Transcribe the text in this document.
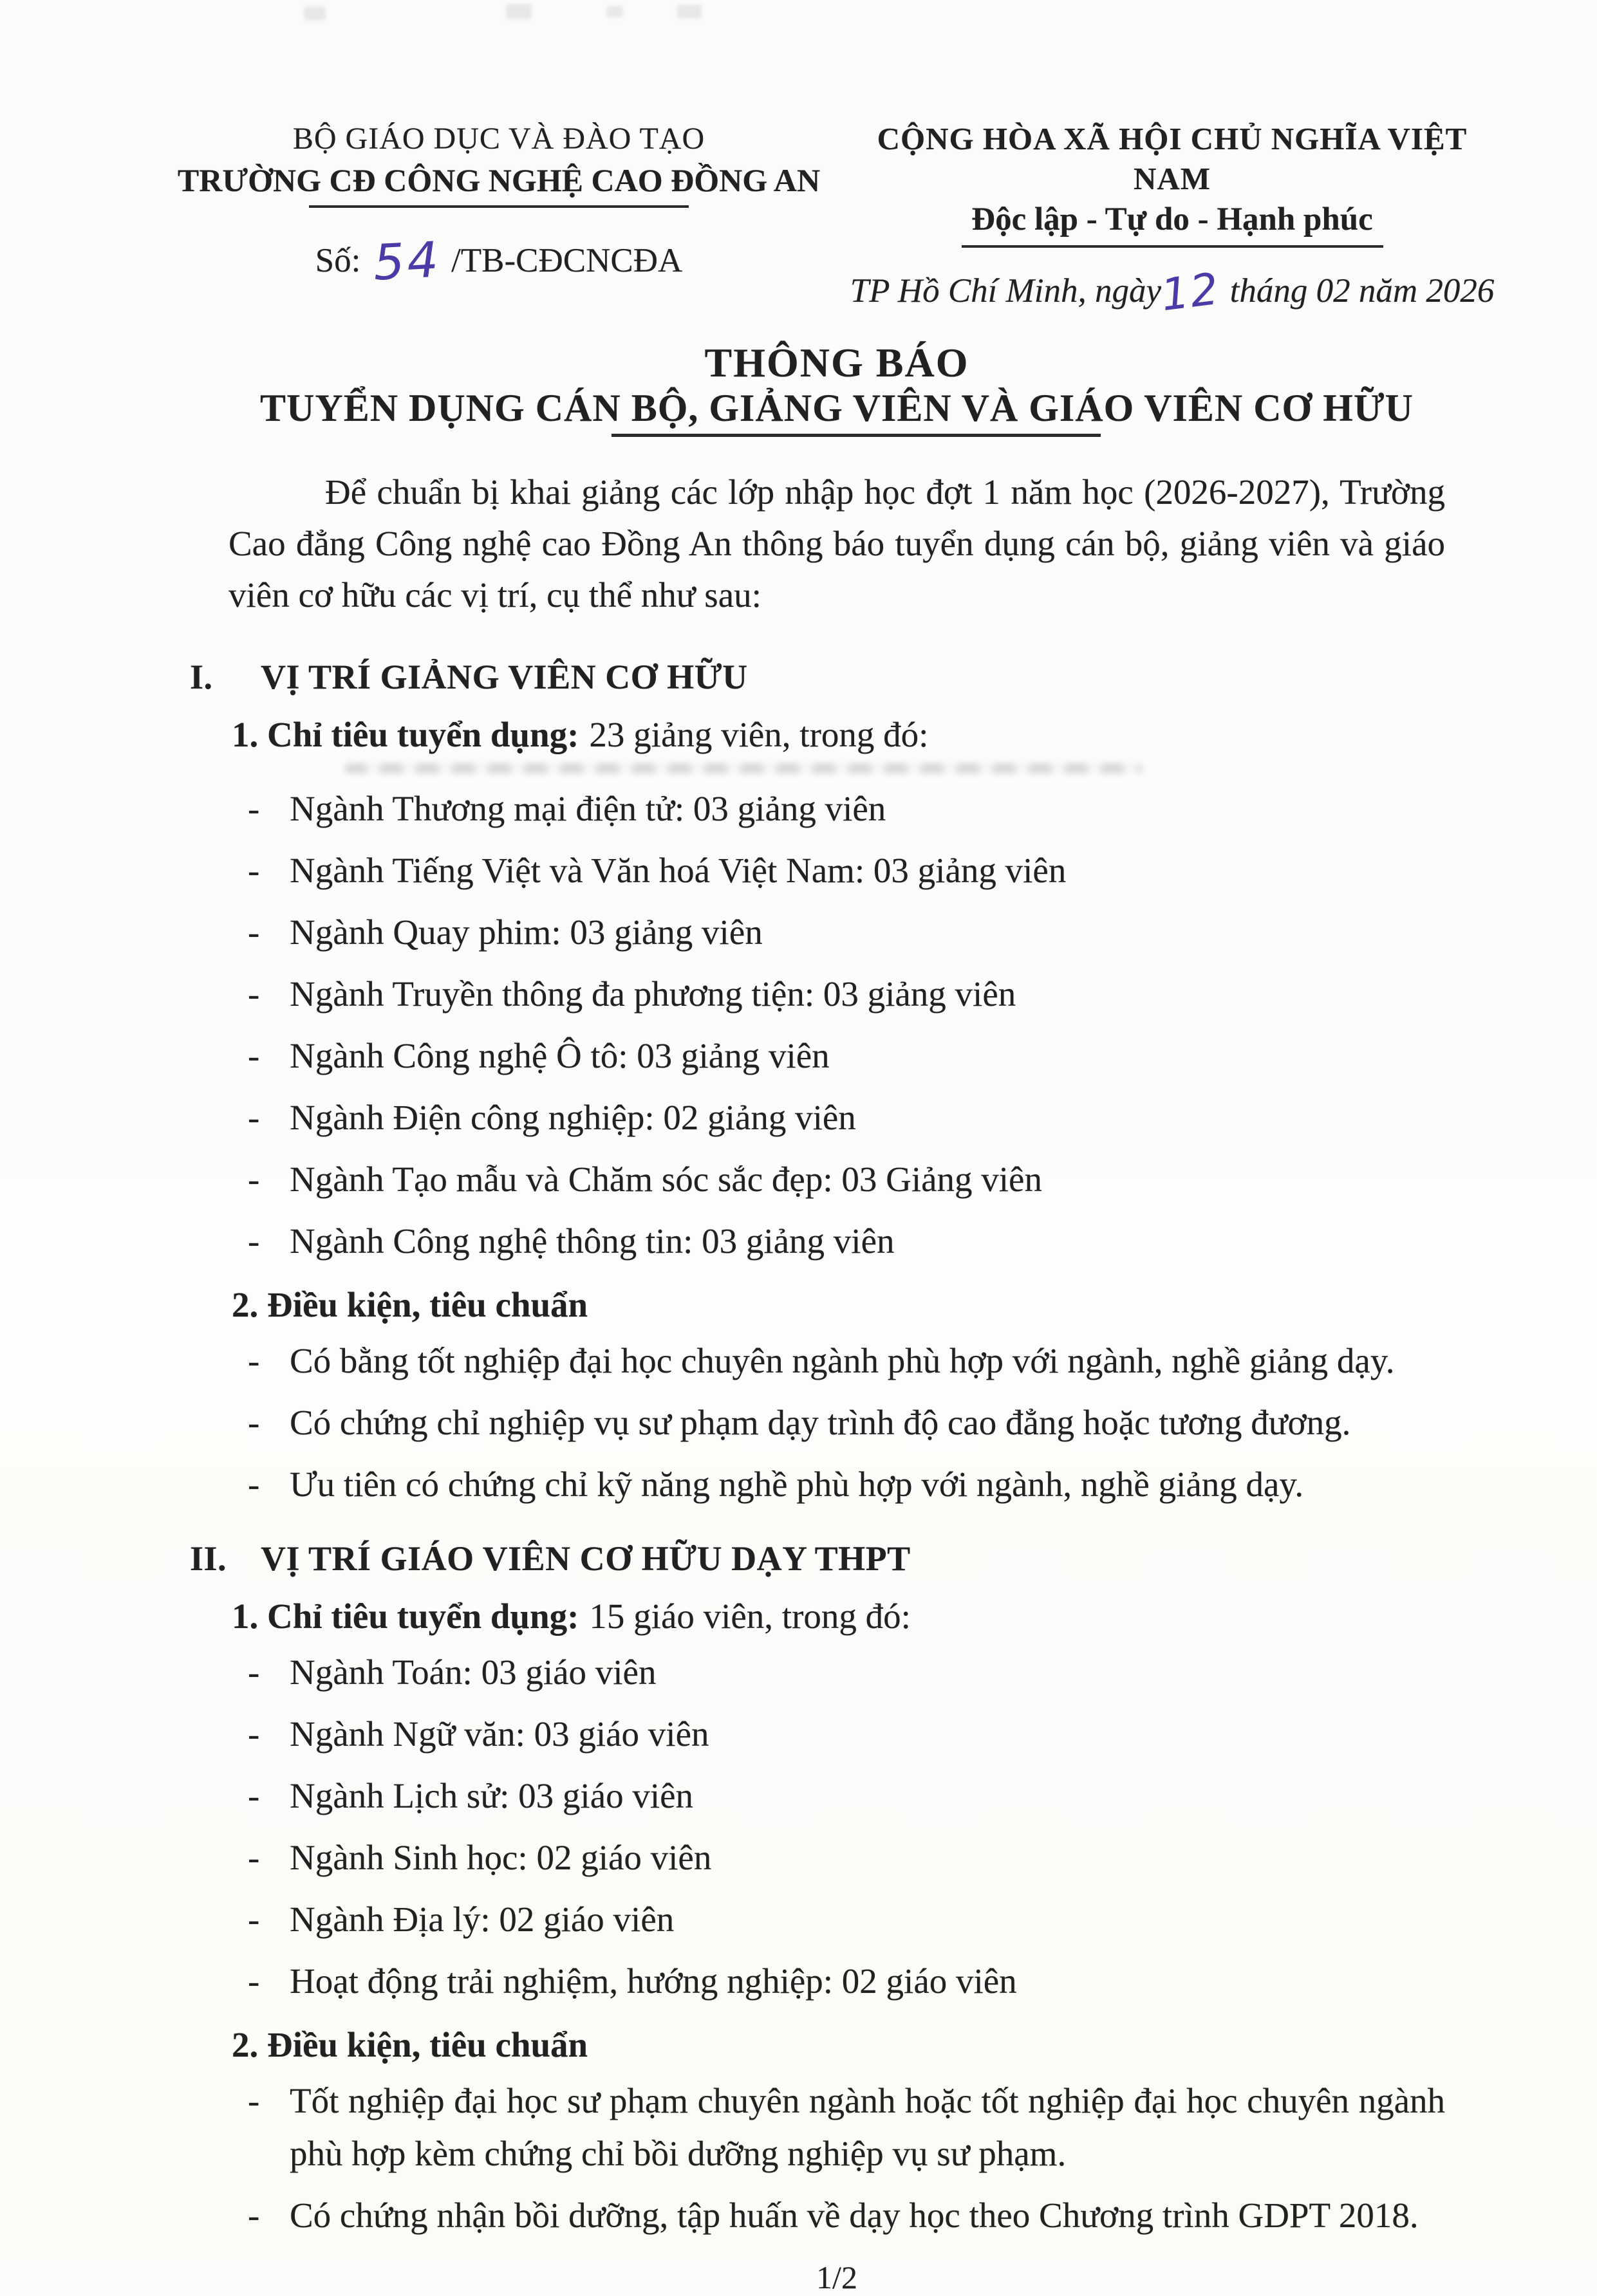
BỘ GIÁO DỤC VÀ ĐÀO TẠO
TRƯỜNG CĐ CÔNG NGHỆ CAO ĐỒNG AN
Số: 54 /TB-CĐCNCĐA
CỘNG HÒA XÃ HỘI CHỦ NGHĨA VIỆT NAM
Độc lập - Tự do - Hạnh phúc
TP Hồ Chí Minh, ngày12 tháng 02 năm 2026
THÔNG BÁO
TUYỂN DỤNG CÁN BỘ, GIẢNG VIÊN VÀ GIÁO VIÊN CƠ HỮU

Để chuẩn bị khai giảng các lớp nhập học đợt 1 năm học (2026-2027), Trường Cao đẳng Công nghệ cao Đồng An thông báo tuyển dụng cán bộ, giảng viên và giáo viên cơ hữu các vị trí, cụ thể như sau:

I.	VỊ TRÍ GIẢNG VIÊN CƠ HỮU
1. Chỉ tiêu tuyển dụng: 23 giảng viên, trong đó:
- Ngành Thương mại điện tử: 03 giảng viên
- Ngành Tiếng Việt và Văn hoá Việt Nam: 03 giảng viên
- Ngành Quay phim: 03 giảng viên
- Ngành Truyền thông đa phương tiện: 03 giảng viên
- Ngành Công nghệ Ô tô: 03 giảng viên
- Ngành Điện công nghiệp: 02 giảng viên
- Ngành Tạo mẫu và Chăm sóc sắc đẹp: 03 Giảng viên
- Ngành Công nghệ thông tin: 03 giảng viên
2. Điều kiện, tiêu chuẩn
- Có bằng tốt nghiệp đại học chuyên ngành phù hợp với ngành, nghề giảng dạy.
- Có chứng chỉ nghiệp vụ sư phạm dạy trình độ cao đẳng hoặc tương đương.
- Ưu tiên có chứng chỉ kỹ năng nghề phù hợp với ngành, nghề giảng dạy.
II. VỊ TRÍ GIÁO VIÊN CƠ HỮU DẠY THPT
1. Chỉ tiêu tuyển dụng: 15 giáo viên, trong đó:
- Ngành Toán: 03 giáo viên
- Ngành Ngữ văn: 03 giáo viên
- Ngành Lịch sử: 03 giáo viên
- Ngành Sinh học: 02 giáo viên
- Ngành Địa lý: 02 giáo viên
- Hoạt động trải nghiệm, hướng nghiệp: 02 giáo viên
2. Điều kiện, tiêu chuẩn
- Tốt nghiệp đại học sư phạm chuyên ngành hoặc tốt nghiệp đại học chuyên ngành phù hợp kèm chứng chỉ bồi dưỡng nghiệp vụ sư phạm.
- Có chứng nhận bồi dưỡng, tập huấn về dạy học theo Chương trình GDPT 2018.
1/2
